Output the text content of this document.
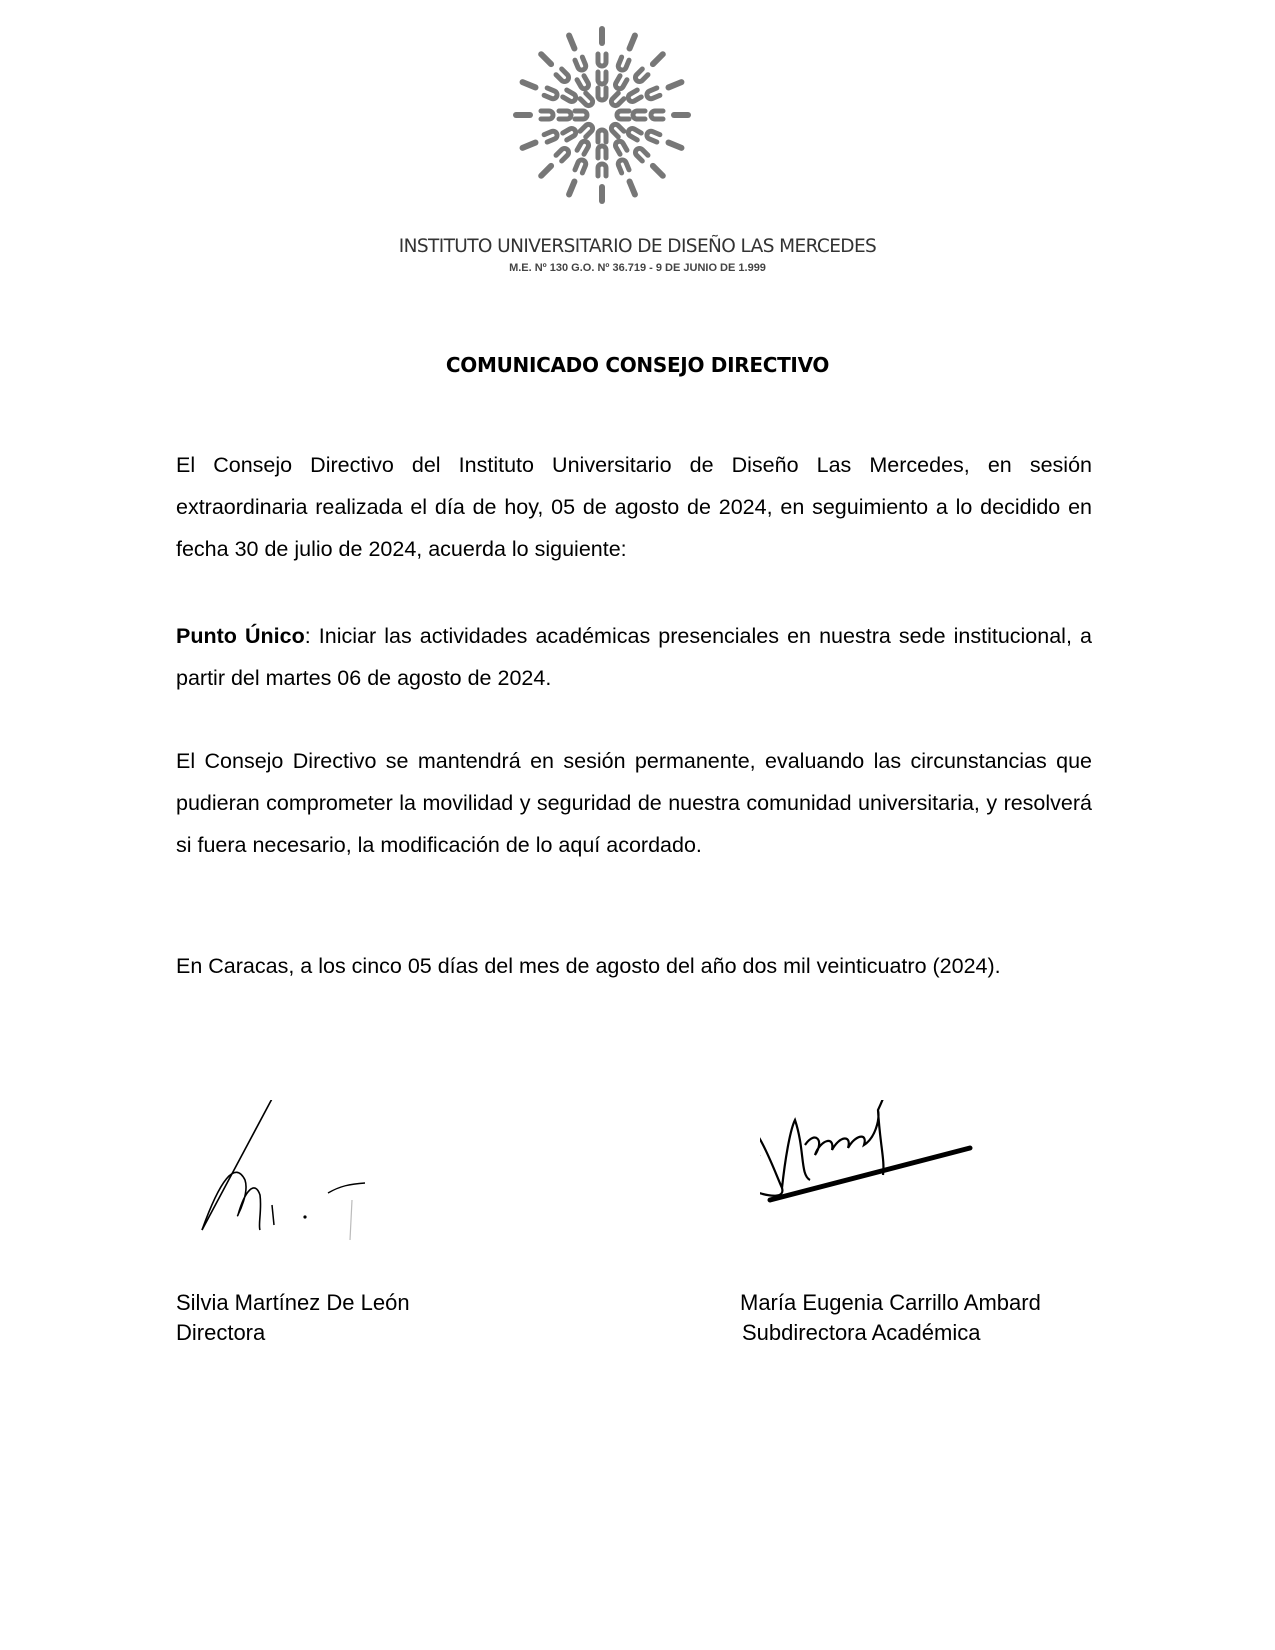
INSTITUTO UNIVERSITARIO DE DISEÑO LAS MERCEDES
M.E. Nº 130 G.O. Nº 36.719 - 9 DE JUNIO DE 1.999
COMUNICADO CONSEJO DIRECTIVO
El Consejo Directivo del Instituto Universitario de Diseño Las Mercedes, en sesión extraordinaria realizada el día de hoy, 05 de agosto de 2024, en seguimiento a lo decidido en fecha 30 de julio de 2024, acuerda lo siguiente:
Punto Único: Iniciar las actividades académicas presenciales en nuestra sede institucional, a partir del martes 06 de agosto de 2024.
El Consejo Directivo se mantendrá en sesión permanente, evaluando las circunstancias que pudieran comprometer la movilidad y seguridad de nuestra comunidad universitaria, y resolverá si fuera necesario, la modificación de lo aquí acordado.
En Caracas, a los cinco 05 días del mes de agosto del año dos mil veinticuatro (2024).
Silvia Martínez De León
Directora
María Eugenia Carrillo Ambard
Subdirectora Académica
